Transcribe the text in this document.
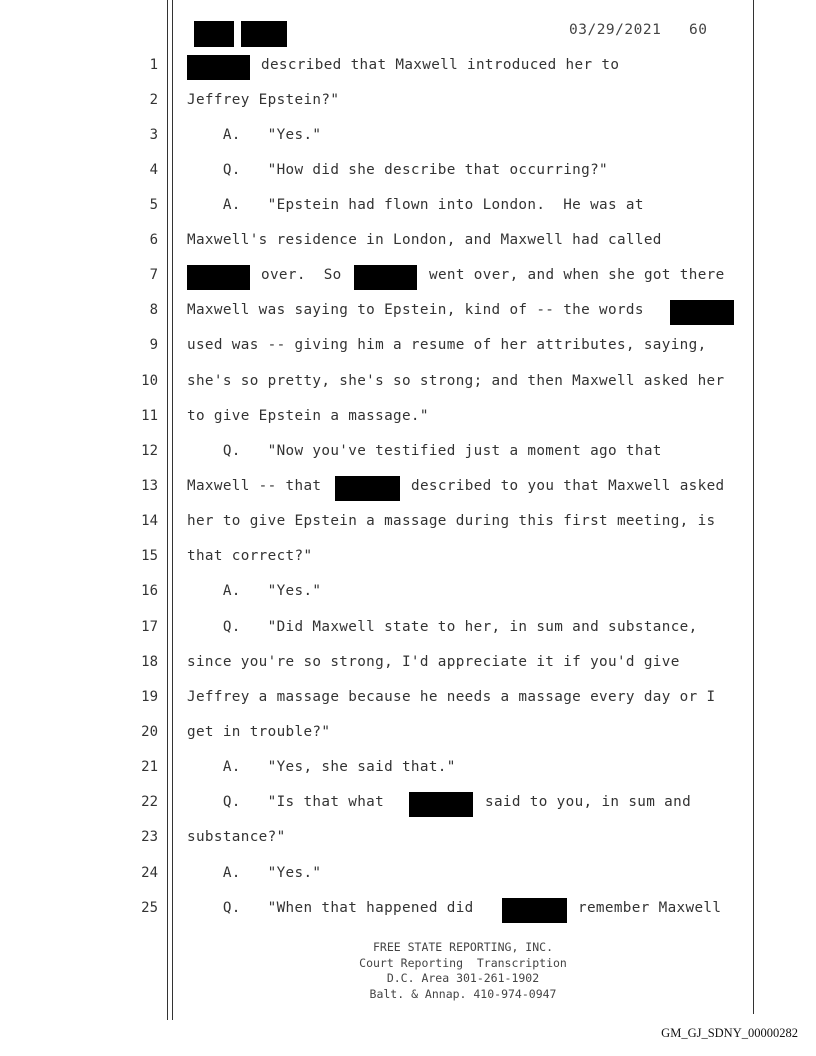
03/29/2021 60
1
2
3
4
5
6
7
8
9
10
11
12
13
14
15
16
17
18
19
20
21
22
23
24
25
described that Maxwell introduced her to
Jeffrey Epstein?"
A.   "Yes."
Q.   "How did she describe that occurring?"
A.   "Epstein had flown into London.  He was at
Maxwell's residence in London, and Maxwell had called
over.  So	went over, and when she got there
Maxwell was saying to Epstein, kind of -- the words
used was -- giving him a resume of her attributes, saying,
she's so pretty, she's so strong; and then Maxwell asked her
to give Epstein a massage."
Q.   "Now you've testified just a moment ago that
Maxwell -- that	described to you that Maxwell asked
her to give Epstein a massage during this first meeting, is
that correct?"
A.   "Yes."
Q.   "Did Maxwell state to her, in sum and substance,
since you're so strong, I'd appreciate it if you'd give
Jeffrey a massage because he needs a massage every day or I
get in trouble?"
A.   "Yes, she said that."
Q.   "Is that what	said to you, in sum and
substance?"
A.   "Yes."
Q.   "When that happened did	remember Maxwell
FREE STATE REPORTING, INC.
Court Reporting  Transcription
D.C. Area 301-261-1902
Balt. & Annap. 410-974-0947
GM_GJ_SDNY_00000282
